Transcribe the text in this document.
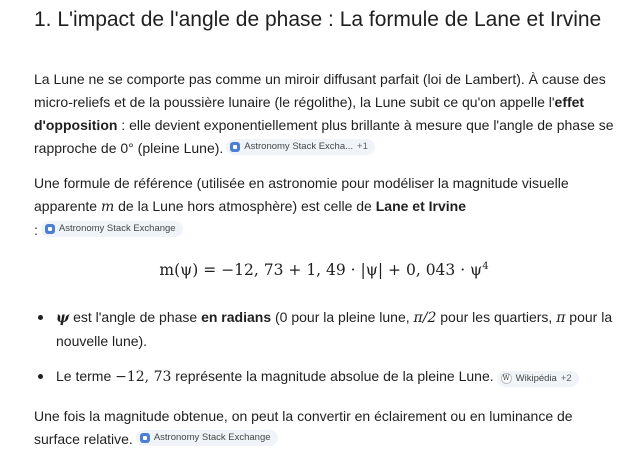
1. L'impact de l'angle de phase : La formule de Lane et Irvine

La Lune ne se comporte pas comme un miroir diffusant parfait (loi de Lambert). À cause des micro-reliefs et de la poussière lunaire (le régolithe), la Lune subit ce qu'on appelle l'effet d'opposition : elle devient exponentiellement plus brillante à mesure que l'angle de phase se rapproche de 0° (pleine Lune). Astronomy Stack Excha... +1

Une formule de référence (utilisée en astronomie pour modéliser la magnitude visuelle apparente m de la Lune hors atmosphère) est celle de Lane et Irvine
: Astronomy Stack Exchange

m(ψ) = −12, 73 + 1, 49 · |ψ| + 0, $043 \cdot \psi^4$
ψ est l'angle de phase en radians (0 pour la pleine lune, π/2 pour les quartiers, π pour la nouvelle lune).
Le terme −12, 73 représente la magnitude absolue de la pleine Lune. W Wikipédia +2

Une fois la magnitude obtenue, on peut la convertir en éclairement ou en luminance de surface relative. Astronomy Stack Exchange
